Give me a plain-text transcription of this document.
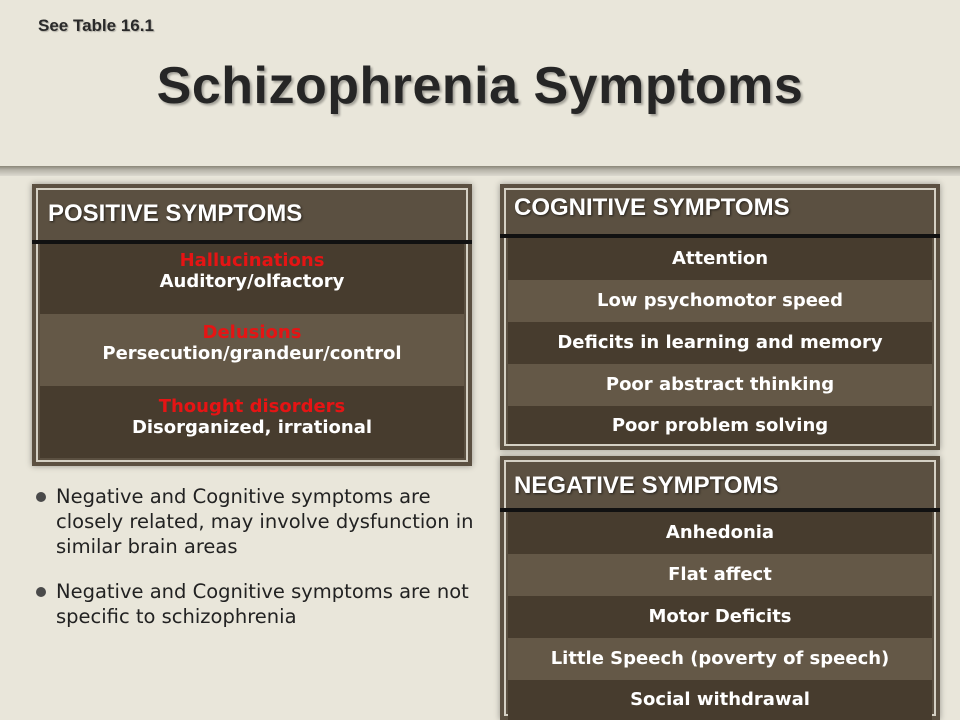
See Table 16.1
Schizophrenia Symptoms
POSITIVE SYMPTOMS
Hallucinations
Auditory/olfactory
Delusions
Persecution/grandeur/control
Thought disorders
Disorganized, irrational
COGNITIVE SYMPTOMS
Attention
Low psychomotor speed
Deficits in learning and memory
Poor abstract thinking
Poor problem solving
NEGATIVE SYMPTOMS
Anhedonia
Flat affect
Motor Deficits
Little Speech (poverty of speech)
Social withdrawal
Negative and Cognitive symptoms are closely related, may involve dysfunction in similar brain areas
Negative and Cognitive symptoms are not specific to schizophrenia
